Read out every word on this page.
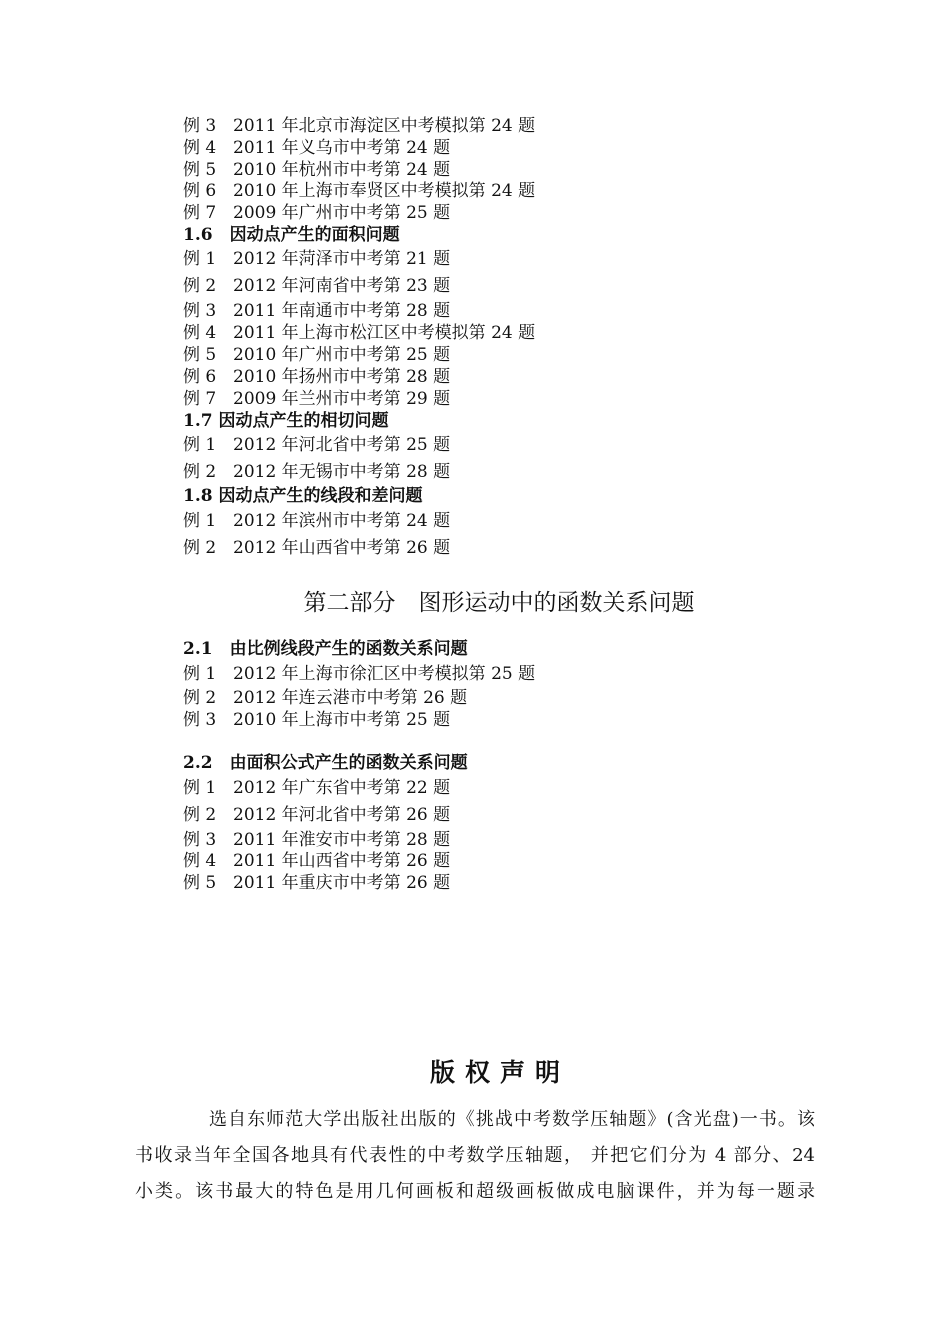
例 3 2011 年北京市海淀区中考模拟第 24 题
例 4 2011 年义乌市中考第 24 题
例 5 2010 年杭州市中考第 24 题
例 6 2010 年上海市奉贤区中考模拟第 24 题
例 7 2009 年广州市中考第 25 题
1.6　因动点产生的面积问题
例 1 2012 年菏泽市中考第 21 题
例 2 2012 年河南省中考第 23 题
例 3 2011 年南通市中考第 28 题
例 4 2011 年上海市松江区中考模拟第 24 题
例 5 2010 年广州市中考第 25 题
例 6 2010 年扬州市中考第 28 题
例 7 2009 年兰州市中考第 29 题
1.7 因动点产生的相切问题
例 1 2012 年河北省中考第 25 题
例 2 2012 年无锡市中考第 28 题
1.8 因动点产生的线段和差问题
例 1 2012 年滨州市中考第 24 题
例 2 2012 年山西省中考第 26 题
第二部分　图形运动中的函数关系问题
2.1　由比例线段产生的函数关系问题
例 1 2012 年上海市徐汇区中考模拟第 25 题
例 2 2012 年连云港市中考第 26 题
例 3 2010 年上海市中考第 25 题
2.2　由面积公式产生的函数关系问题
例 1 2012 年广东省中考第 22 题
例 2 2012 年河北省中考第 26 题
例 3 2011 年淮安市中考第 28 题
例 4 2011 年山西省中考第 26 题
例 5 2011 年重庆市中考第 26 题
版权声明
选自东师范大学出版社出版的《挑战中考数学压轴题》(含光盘)一书。该
书收录当年全国各地具有代表性的中考数学压轴题， 并把它们分为 4 部分、24
小类。该书最大的特色是用几何画板和超级画板做成电脑课件，并为每一题录
